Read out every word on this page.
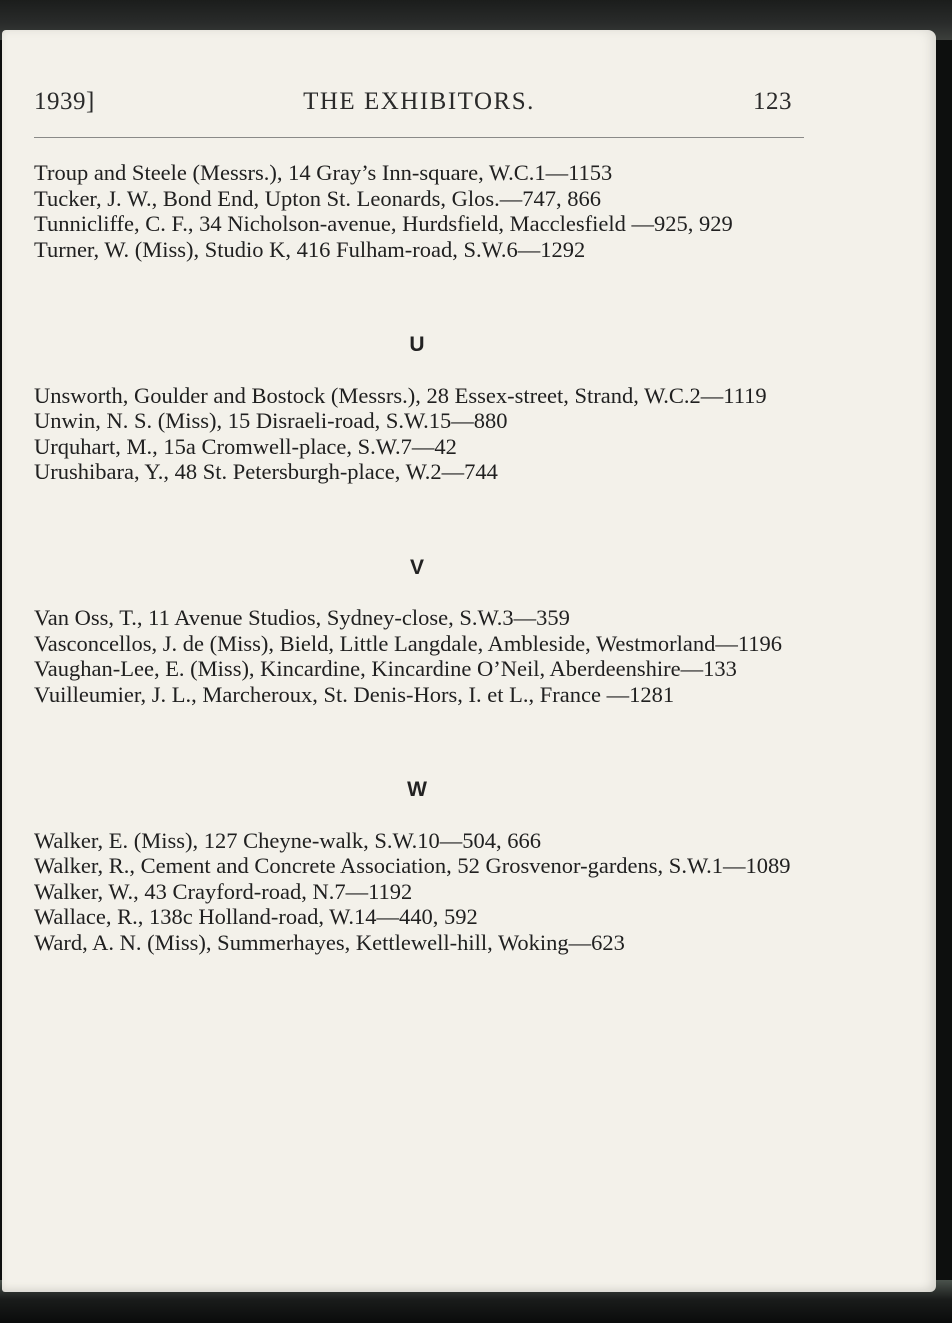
1939]	THE EXHIBITORS.	123

Troup and Steele (Messrs.), 14 Gray’s Inn-square, W.C.1—1153

Tucker, J. W., Bond End, Upton St. Leonards, Glos.—747, 866

Tunnicliffe, C. F., 34 Nicholson-avenue, Hurdsfield, Macclesfield —925, 929

Turner, W. (Miss), Studio K, 416 Fulham-road, S.W.6—1292

U

Unsworth, Goulder and Bostock (Messrs.), 28 Essex-street, Strand, W.C.2—1119

Unwin, N. S. (Miss), 15 Disraeli-road, S.W.15—880

Urquhart, M., 15a Cromwell-place, S.W.7—42

Urushibara, Y., 48 St. Petersburgh-place, W.2—744

V

Van Oss, T., 11 Avenue Studios, Sydney-close, S.W.3—359

Vasconcellos, J. de (Miss), Bield, Little Langdale, Ambleside, Westmorland—1196

Vaughan-Lee, E. (Miss), Kincardine, Kincardine O’Neil, Aberdeenshire—133

Vuilleumier, J. L., Marcheroux, St. Denis-Hors, I. et L., France —1281

W

Walker, E. (Miss), 127 Cheyne-walk, S.W.10—504, 666

Walker, R., Cement and Concrete Association, 52 Grosvenor-gardens, S.W.1—1089

Walker, W., 43 Crayford-road, N.7—1192

Wallace, R., 138c Holland-road, W.14—440, 592

Ward, A. N. (Miss), Summerhayes, Kettlewell-hill, Woking—623
